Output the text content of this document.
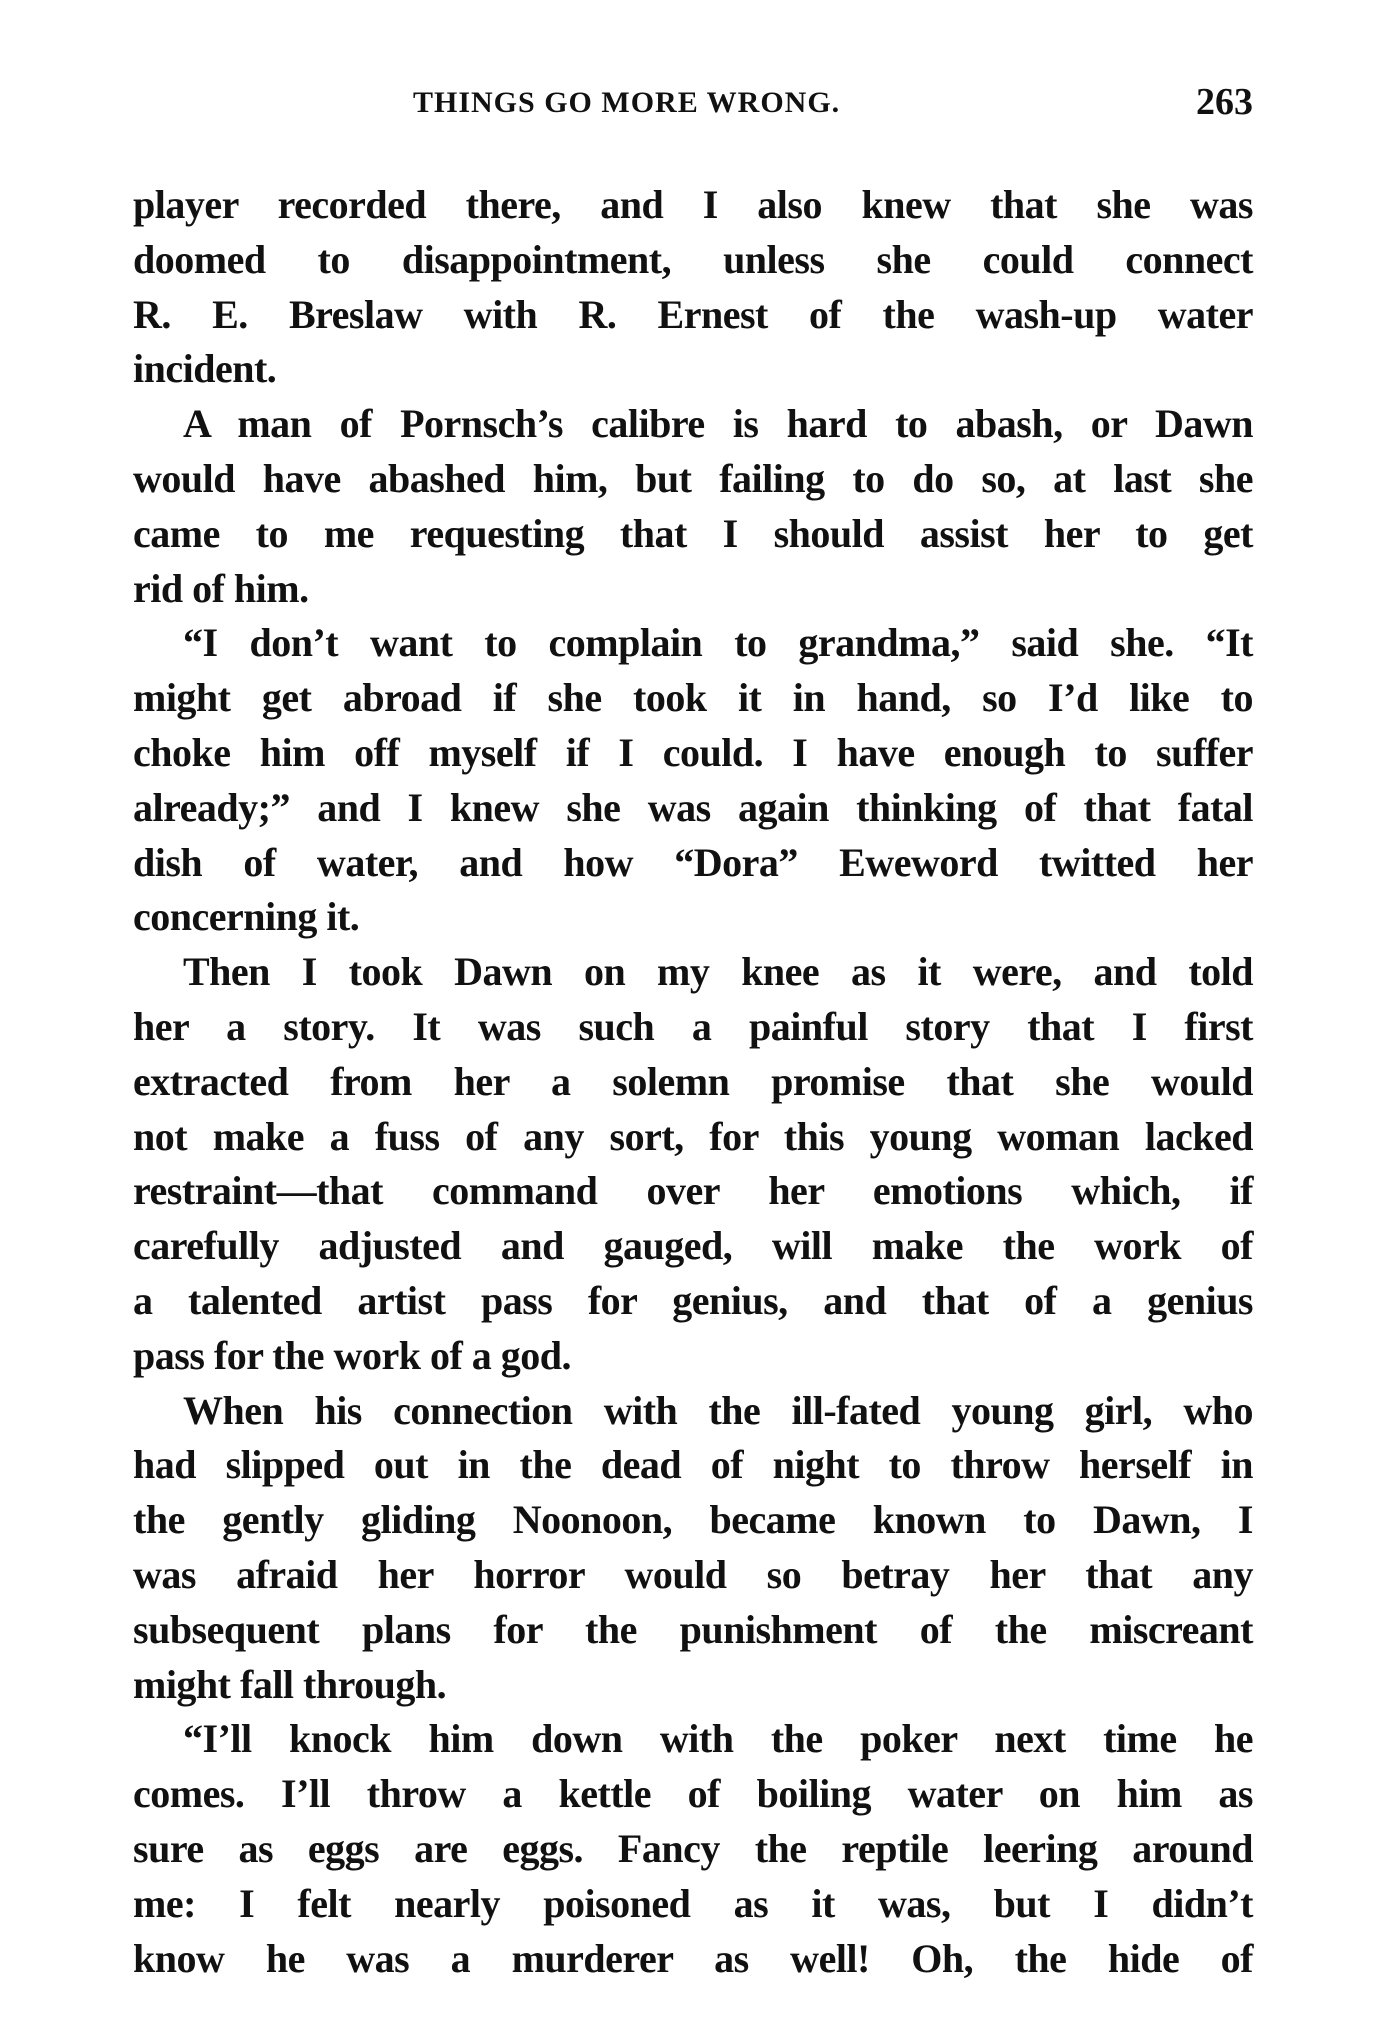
THINGS GO MORE WRONG.	263
player recorded there, and I also knew that she was
doomed to disappointment, unless she could connect
R. E. Breslaw with R. Ernest of the wash-up water
incident.
A man of Pornsch’s calibre is hard to abash, or Dawn
would have abashed him, but failing to do so, at last she
came to me requesting that I should assist her to get
rid of him.
“I don’t want to complain to grandma,” said she. “It
might get abroad if she took it in hand, so I’d like to
choke him off myself if I could. I have enough to suffer
already;” and I knew she was again thinking of that fatal
dish of water, and how “Dora” Eweword twitted her
concerning it.
Then I took Dawn on my knee as it were, and told
her a story. It was such a painful story that I first
extracted from her a solemn promise that she would
not make a fuss of any sort, for this young woman lacked
restraint—that command over her emotions which, if
carefully adjusted and gauged, will make the work of
a talented artist pass for genius, and that of a genius
pass for the work of a god.
When his connection with the ill-fated young girl, who
had slipped out in the dead of night to throw herself in
the gently gliding Noonoon, became known to Dawn, I
was afraid her horror would so betray her that any
subsequent plans for the punishment of the miscreant
might fall through.
“I’ll knock him down with the poker next time he
comes. I’ll throw a kettle of boiling water on him as
sure as eggs are eggs. Fancy the reptile leering around
me: I felt nearly poisoned as it was, but I didn’t
know he was a murderer as well! Oh, the hide of
